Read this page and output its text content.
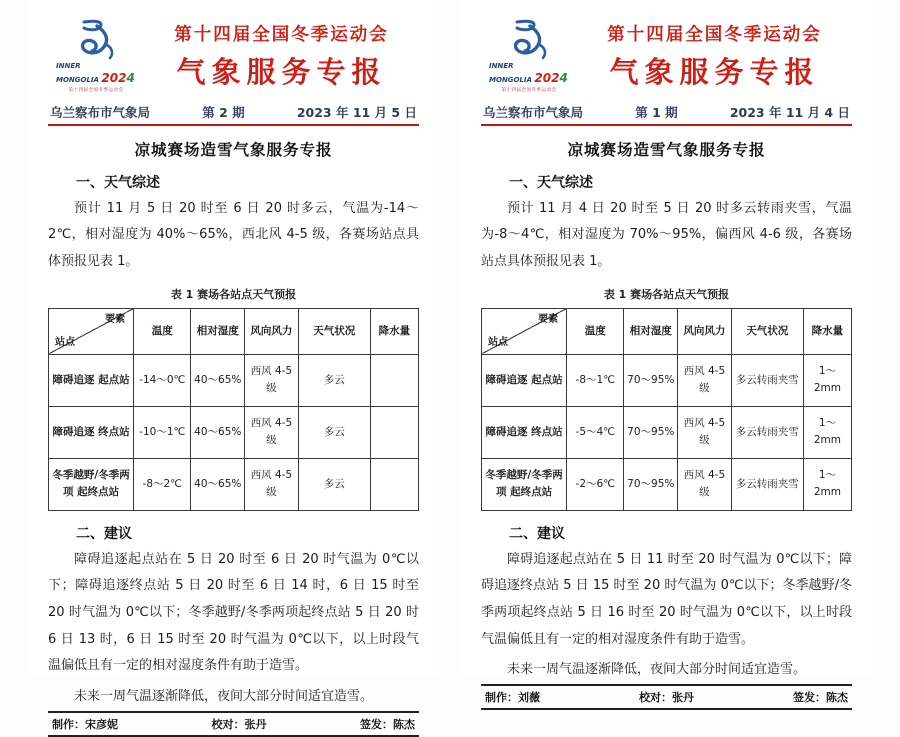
INNER
MONGOLIA 2024
第十四届全国冬季运动会
第十四届全国冬季运动会
气象服务专报
乌兰察布市气象局	第 2 期	2023 年 11 月 5 日
凉城赛场造雪气象服务专报
一、天气综述

预计 11 月 5 日 20 时至 6 日 20 时多云，气温为-14～2℃，相对湿度为 40%～65%，西北风 4-5 级，各赛场站点具体预报见表 1。

表 1 赛场各站点天气预报
要素
站点	温度	相对湿度	风向风力	天气状况	降水量
障碍追逐 起点站	-14～0℃	40～65%	西风 4-5 级	多云	
障碍追逐 终点站	-10～1℃	40～65%	西风 4-5 级	多云	
冬季越野/冬季两项 起终点站	-8～2℃	40～65%	西风 4-5 级	多云	
二、建议

障碍追逐起点站在 5 日 20 时至 6 日 20 时气温为 0℃以下；障碍追逐终点站 5 日 20 时至 6 日 14 时，6 日 15 时至 20 时气温为 0℃以下；冬季越野/冬季两项起终点站 5 日 20 时 6 日 13 时，6 日 15 时至 20 时气温为 0℃以下，以上时段气温偏低且有一定的相对湿度条件有助于造雪。

未来一周气温逐渐降低，夜间大部分时间适宜造雪。

制作：宋彦妮	校对：张丹	签发：陈杰
INNER
MONGOLIA 2024
第十四届全国冬季运动会
第十四届全国冬季运动会
气象服务专报
乌兰察布市气象局	第 1 期	2023 年 11 月 4 日
凉城赛场造雪气象服务专报
一、天气综述

预计 11 月 4 日 20 时至 5 日 20 时多云转雨夹雪，气温为-8～4℃，相对湿度为 70%～95%，偏西风 4-6 级，各赛场站点具体预报见表 1。

表 1 赛场各站点天气预报
要素
站点	温度	相对湿度	风向风力	天气状况	降水量
障碍追逐 起点站	-8～1℃	70～95%	西风 4-5 级	多云转雨夹雪	1～2mm
障碍追逐 终点站	-5～4℃	70～95%	西风 4-5 级	多云转雨夹雪	1～2mm
冬季越野/冬季两项 起终点站	-2～6℃	70～95%	西风 4-5 级	多云转雨夹雪	1～2mm
二、建议

障碍追逐起点站在 5 日 11 时至 20 时气温为 0℃以下；障碍追逐终点站 5 日 15 时至 20 时气温为 0℃以下；冬季越野/冬季两项起终点站 5 日 16 时至 20 时气温为 0℃以下，以上时段气温偏低且有一定的相对湿度条件有助于造雪。

未来一周气温逐渐降低，夜间大部分时间适宜造雪。

制作：刘薇	校对：张丹	签发：陈杰
